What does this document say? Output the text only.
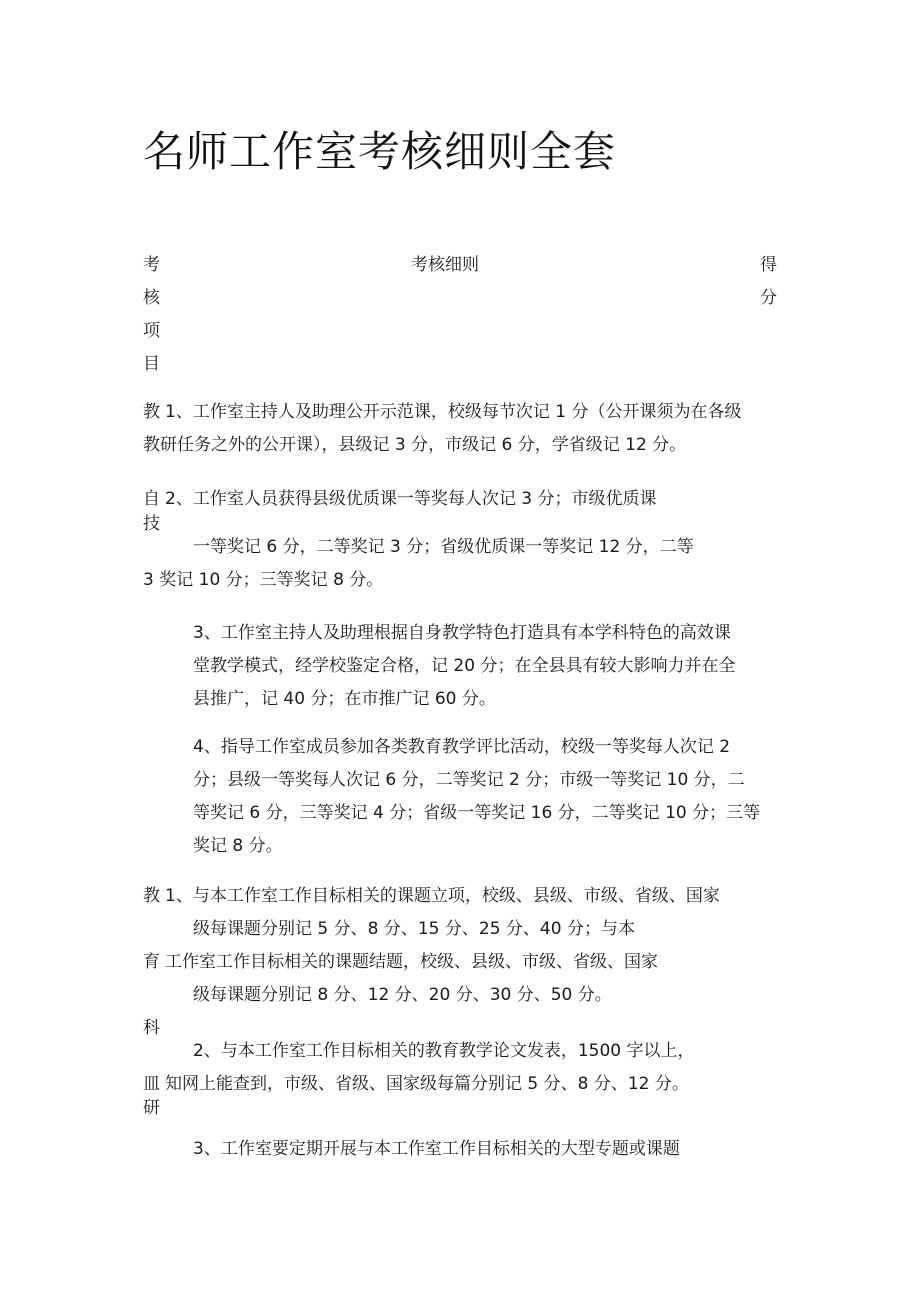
名师工作室考核细则全套
考
核
项
目
考核细则	得
分
教 1、工作室主持人及助理公开示范课，校级每节次记 1 分（公开课须为在各级
教研任务之外的公开课），县级记 3 分，市级记 6 分，学省级记 12 分。
自 2、工作室人员获得县级优质课一等奖每人次记 3 分；市级优质课
技
一等奖记 6 分，二等奖记 3 分；省级优质课一等奖记 12 分，二等
3 奖记 10 分；三等奖记 8 分。
3、工作室主持人及助理根据自身教学特色打造具有本学科特色的高效课
堂教学模式，经学校鉴定合格，记 20 分；在全县具有较大影响力并在全
县推广，记 40 分；在市推广记 60 分。
4、指导工作室成员参加各类教育教学评比活动，校级一等奖每人次记 2
分；县级一等奖每人次记 6 分，二等奖记 2 分；市级一等奖记 10 分，二
等奖记 6 分，三等奖记 4 分；省级一等奖记 16 分，二等奖记 10 分；三等
奖记 8 分。
教 1、与本工作室工作目标相关的课题立项，校级、县级、市级、省级、国家
级每课题分别记 5 分、8 分、15 分、25 分、40 分；与本
育 工作室工作目标相关的课题结题，校级、县级、市级、省级、国家
级每课题分别记 8 分、12 分、20 分、30 分、50 分。
科
2、与本工作室工作目标相关的教育教学论文发表，1500 字以上，
皿 知网上能查到，市级、省级、国家级每篇分别记 5 分、8 分、12 分。
研
3、工作室要定期开展与本工作室工作目标相关的大型专题或课题
